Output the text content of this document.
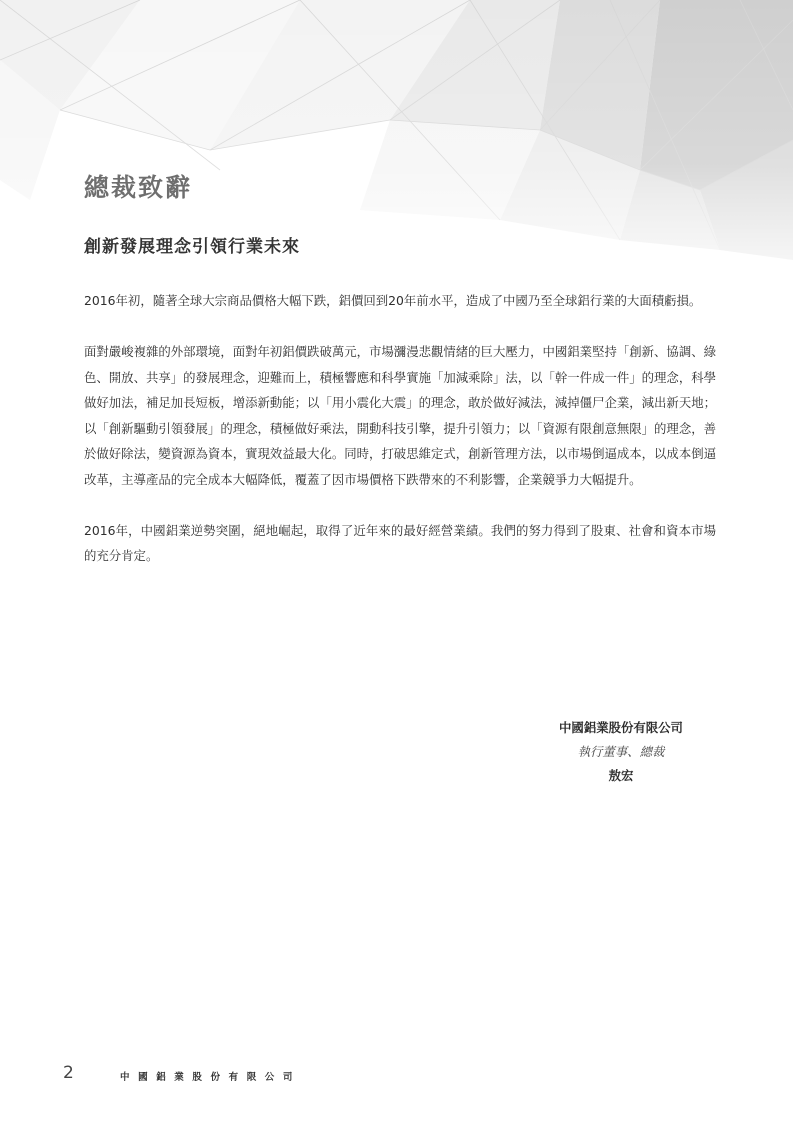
總裁致辭
創新發展理念引領行業未來

2016年初，隨著全球大宗商品價格大幅下跌，鋁價回到20年前水平，造成了中國乃至全球鋁行業的大面積虧損。

面對嚴峻複雜的外部環境，面對年初鋁價跌破萬元，市場瀰漫悲觀情緒的巨大壓力，中國鋁業堅持「創新、協調、綠色、開放、共享」的發展理念，迎難而上，積極響應和科學實施「加減乘除」法，以「幹一件成一件」的理念，科學做好加法，補足加長短板，增添新動能；以「用小震化大震」的理念，敢於做好減法，減掉僵尸企業，減出新天地；以「創新驅動引領發展」的理念，積極做好乘法，開動科技引擎，提升引領力；以「資源有限創意無限」的理念，善於做好除法，變資源為資本，實現效益最大化。同時，打破思維定式，創新管理方法，以市場倒逼成本，以成本倒逼改革，主導產品的完全成本大幅降低，覆蓋了因市場價格下跌帶來的不利影響，企業競爭力大幅提升。

2016年，中國鋁業逆勢突圍，絕地崛起，取得了近年來的最好經營業績。我們的努力得到了股東、社會和資本市場的充分肯定。

中國鋁業股份有限公司
執行董事、總裁
敖宏
2	中國鋁業股份有限公司
